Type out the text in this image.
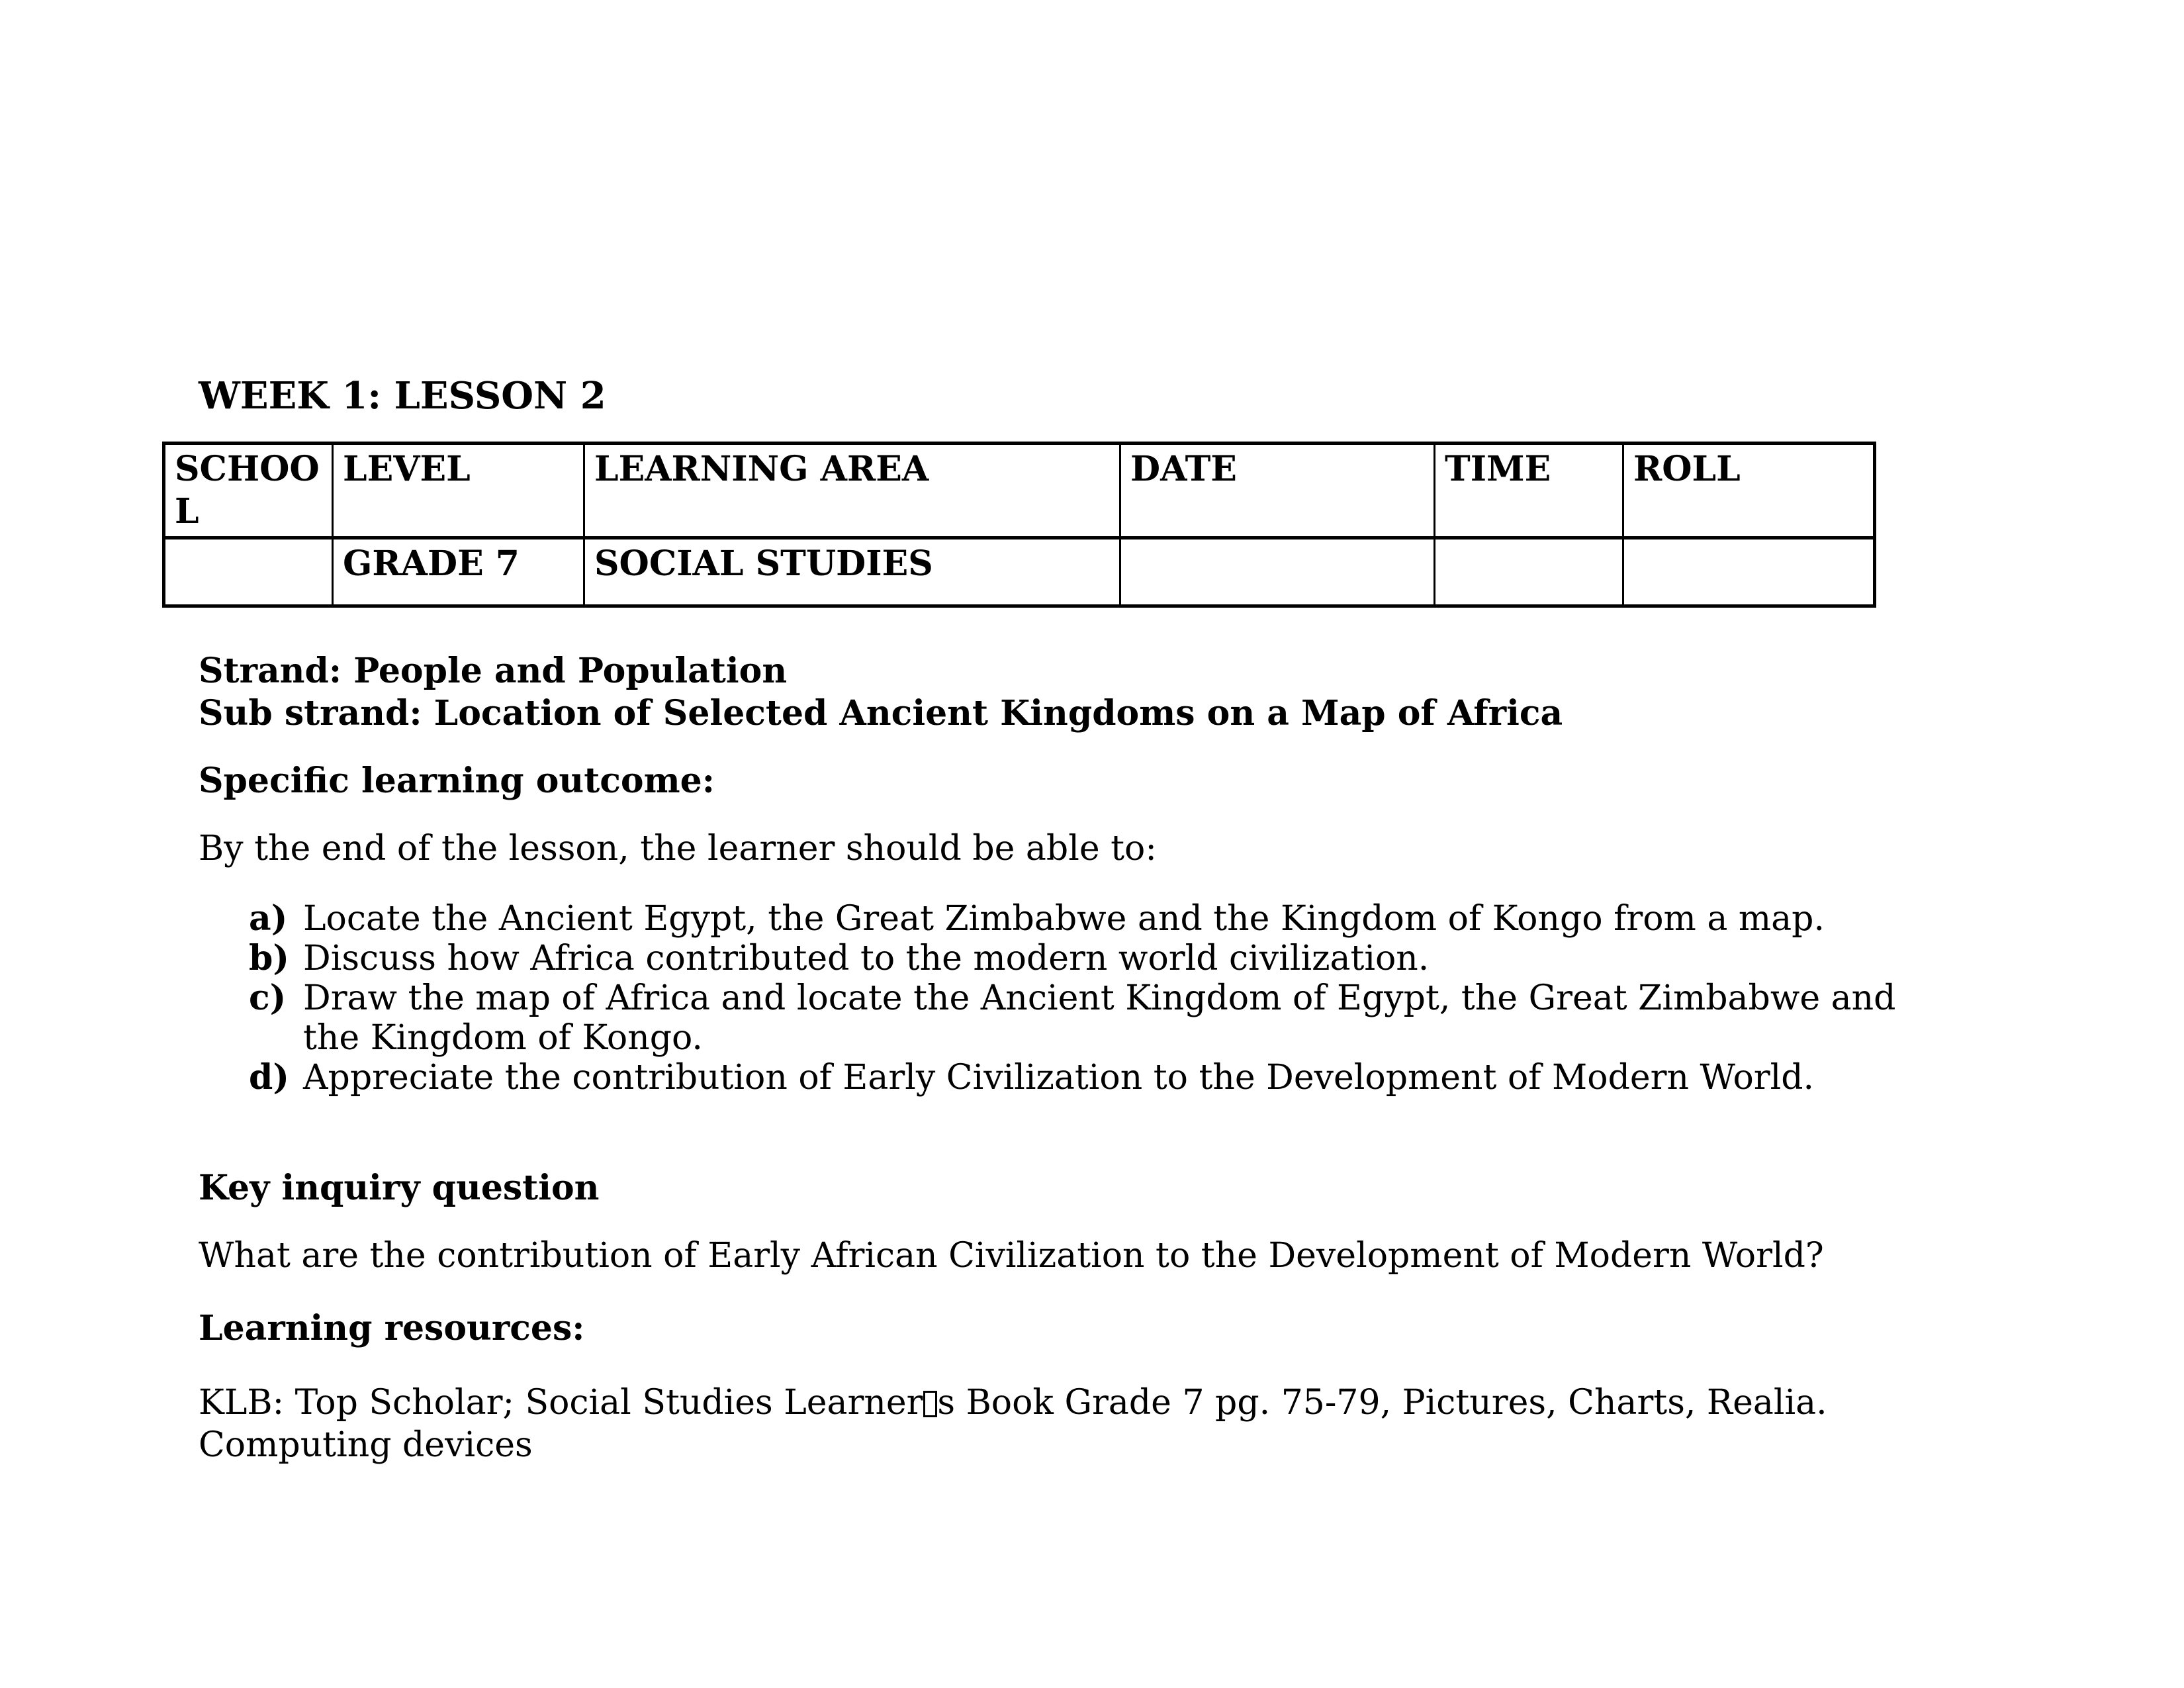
WEEK 1: LESSON 2
SCHOOL	LEVEL	LEARNING AREA	DATE	TIME	ROLL
	GRADE 7	SOCIAL STUDIES			
Strand: People and Population
Sub strand: Location of Selected Ancient Kingdoms on a Map of Africa
Specific learning outcome:
By the end of the lesson, the learner should be able to:
a) Locate the Ancient Egypt, the Great Zimbabwe and the Kingdom of Kongo from a map.
b) Discuss how Africa contributed to the modern world civilization.
c) Draw the map of Africa and locate the Ancient Kingdom of Egypt, the Great Zimbabwe and the Kingdom of Kongo.
d) Appreciate the contribution of Early Civilization to the Development of Modern World.
Key inquiry question
What are the contribution of Early African Civilization to the Development of Modern World?
Learning resources:
KLB: Top Scholar; Social Studies Learner s Book Grade 7 pg. 75-79, Pictures, Charts, Realia. Computing devices
